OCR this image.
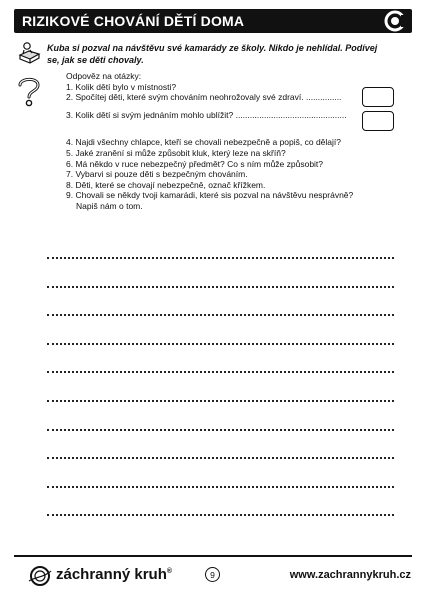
RIZIKOVÉ CHOVÁNÍ DĚTÍ DOMA
Kuba si pozval na návštěvu své kamarády ze školy. Nikdo je nehlídal. Podívej se, jak se děti chovaly.
Odpověz na otázky:
1. Kolik dětí bylo v místnosti?
2. Spočítej děti, které svým chováním neohrožovaly své zdraví. ...............
3. Kolik dětí si svým jednáním mohlo ublížit? ...............................................
4. Najdi všechny chlapce, kteří se chovali nebezpečně a popiš, co dělají?
5. Jaké zranění si může způsobit kluk, který leze na skříň?
6. Má někdo v ruce nebezpečný předmět? Co s ním může způsobit?
7. Vybarvi si pouze děti s bezpečným chováním.
8. Děti, které se chovají nebezpečně, označ křížkem.
9. Chovali se někdy tvoji kamarádi, které sis pozval na návštěvu nesprávně?
Napiš nám o tom.
záchranný kruh®	9	www.zachrannykruh.cz
